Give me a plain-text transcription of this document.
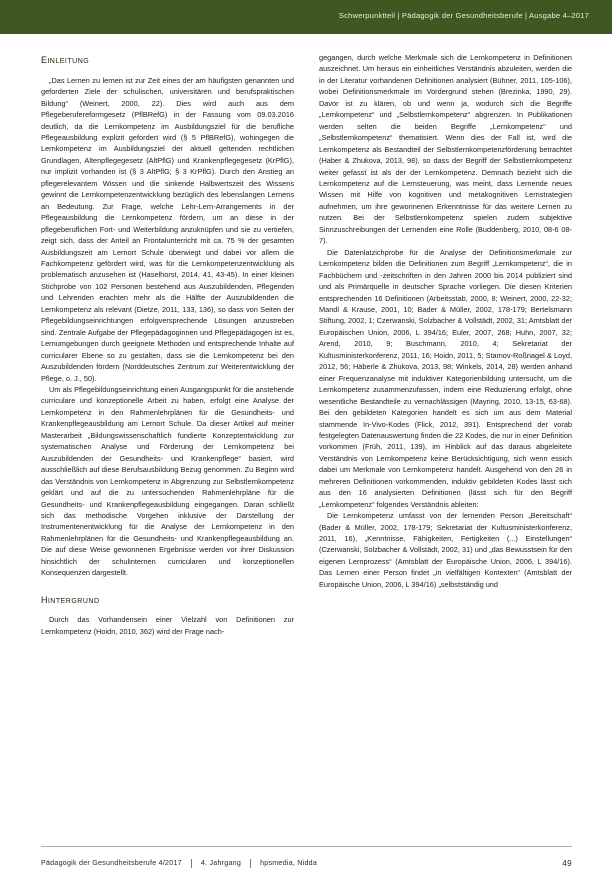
Schwerpunktteil | Pädagogik der Gesundheitsberufe | Ausgabe 4–2017
einleitung

„Das Lernen zu lernen ist zur Zeit eines der am häufigsten genannten und geforderten Ziele der schulischen, universitären und berufspraktischen Bildung“ (Weinert, 2000, 22). Dies wird auch aus dem Pflegeberufereformgesetz (PflBRefG) in der Fassung vom 09.03.2016 deutlich, da die Lernkompetenz im Ausbildungsziel für die berufliche Pflegeausbildung explizit gefordert wird (§ 5 PflBRefG), wohingegen die Lernkompetenz im Ausbildungsziel der aktuell geltenden rechtlichen Grundlagen, Altenpflegegesetz (AltPflG) und Krankenpflegegesetz (KrPflG), nur implizit vorhanden ist (§ 3 AltPflG; § 3 KrPflG). Durch den Anstieg an pflegerelevantem Wissen und die sinkende Halbwertszeit des Wissens gewinnt die Lernkompetenzentwicklung bezüglich des lebenslangen Lernens an Bedeutung. Zur Frage, welche Lehr-Lern-Arrangements in der Pflegeausbildung die Lernkompetenz fördern, um an diese in der pflegeberuflichen Fort- und Weiterbildung anzuknüpfen und sie zu vertiefen, zeigt sich, dass der Anteil an Frontalunterricht mit ca. 75 % der gesamten Ausbildungszeit am Lernort Schule überwiegt und dabei vor allem die Fachkompetenz gefördert wird, was für die Lernkompetenzentwicklung als problematisch anzusehen ist (Haselhorst, 2014, 41, 43-45). In einer kleinen Stichprobe von 102 Personen bestehend aus Auszubildenden, Pflegenden und Lehrenden erachten mehr als die Hälfte der Auszubildenden die Lernkompetenz als relevant (Dietze, 2011, 133, 136), so dass von Seiten der Pflegebildungseinrichtungen erfolgversprechende Lösungen anzustreben sind. Zentrale Aufgabe der Pflegepädagoginnen und Pflegepädagogen ist es, Lernumgebungen durch geeignete Methoden und entsprechende Inhalte auf curricularer Ebene so zu gestalten, dass sie die Lernkompetenz bei den Auszubildenden fördern (Norddeutsches Zentrum zur Weiterentwicklung der Pflege, o. J., 50).

Um als Pflegebildungseinrichtung einen Ausgangspunkt für die anstehende curriculare und konzeptionelle Arbeit zu haben, erfolgt eine Analyse der Lernkompetenz in den Rahmenlehrplänen für die Gesundheits- und Krankenpflegeausbildung am Lernort Schule. Da dieser Artikel auf meiner Masterarbeit „Bildungswissenschaftlich fundierte Konzeptentwicklung zur systematischen Analyse und Förderung der Lernkompetenz bei Auszubildenden der Gesundheits- und Krankenpflege“ basiert, wird ausschließlich auf diese Berufsausbildung Bezug genommen. Zu Beginn wird das Verständnis von Lernkompetenz in Abgrenzung zur Selbstlernkompetenz geklärt und auf die zu untersuchenden Rahmenlehrpläne für die Gesundheits- und Krankenpflegeausbildung eingegangen. Daran schließt sich das methodische Vorgehen inklusive der Darstellung der Instrumentenentwicklung für die Analyse der Lernkompetenz in den Rahmenlehrplänen für die Gesundheits- und Krankenpflegeausbildung an. Die auf diese Weise gewonnenen Ergebnisse werden vor ihrer Diskussion hinsichtlich der schulinternen curricularen und konzeptionellen Konsequenzen dargestellt.

hintergrund

Durch das Vorhandensein einer Vielzahl von Definitionen zur Lernkompetenz (Hoidn, 2010, 362) wird der Frage nach-

gegangen, durch welche Merkmale sich die Lernkompetenz in Definitionen auszeichnet. Um heraus ein einheitliches Verständnis abzuleiten, werden die in der Literatur vorhandenen Definitionen analysiert (Bühner, 2011, 105-106), wobei Definitionsmerkmale im Vordergrund stehen (Brezinka, 1990, 29). Davor ist zu klären, ob und wenn ja, wodurch sich die Begriffe „Lernkompetenz“ und „Selbstlernkompetenz“ abgrenzen. In Publikationen werden selten die beiden Begriffe „Lernkompetenz“ und „Selbstlernkompetenz“ thematisiert. Wenn dies der Fall ist, wird die Lernkompetenz als Bestandteil der Selbstlernkompetenzförderung betrachtet (Haber & Zhukova, 2013, 98), so dass der Begriff der Selbstlernkompetenz weiter gefasst ist als der der Lernkompetenz. Demnach bezieht sich die Lernkompetenz auf die Lernsteuerung, was meint, dass Lernende neues Wissen mit Hilfe von kognitiven und metakognitiven Lernstrategien aufnehmen, um ihre gewonnenen Erkenntnisse für das weitere Lernen zu nutzen. Bei der Selbstlernkompetenz spielen zudem subjektive Sinnzuschreibungen der Lernenden eine Rolle (Buddenberg, 2010, 08-6 08-7).

Die Datenlatzichprobe für die Analyse der Definitionsmerkmale zur Lernkompetenz bilden die Definitionen zum Begriff „Lernkompetenz“, die in Fachbüchern und -zeitschriften in den Jahren 2000 bis 2014 publiziert sind und als Primärquelle in deutscher Sprache vorliegen. Die diesen Kriterien entsprechenden 16 Definitionen (Arbeitsstab, 2000, 8; Weinert, 2000, 22-32; Mandl & Krause, 2001, 10; Bader & Müller, 2002, 178-179; Bertelsmann Stiftung, 2002, 1; Czerwanski, Solzbacher & Vollstädt, 2002, 31; Amtsblatt der Europäischen Union, 2006, L 394/16; Euler, 2007, 268; Huhn, 2007, 32; Arend, 2010, 9; Buschmann, 2010, 4; Sekretariat der Kultusministerkonferenz, 2011, 16; Hoidn, 2011, 5; Stamov-Roßnagel & Loyd, 2012, 56; Häberle & Zhukova, 2013, 98; Winkels, 2014, 28) werden anhand einer Frequenzanalyse mit induktiver Kategorienbildung untersucht, um die Lernkompetenz zusammenzufassen, indem eine Reduzierung erfolgt, ohne wesentliche Bestandteile zu vernachlässigen (Mayring, 2010, 13-15, 63-68). Bei den gebildeten Kategorien handelt es sich um aus dem Material stammende In-Vivo-Kodes (Flick, 2012, 391). Entsprechend der vorab festgelegten Datenauswertung finden die 22 Kodes, die nur in einer Definition vorkommen (Früh, 2011, 139), im Hinblick auf das daraus abgeleitete Verständnis von Lernkompetenz keine Berücksichtigung, sich wenn essich dabei um Merkmale von Lernkompetenz handelt. Ausgehend von den 26 in mehreren Definitionen vorkommenden, induktiv gebildeten Kodes lässt sich aus den 16 analysierten Definitionen (lässt sich für den Begriff „Lernkompetenz“ folgendes Verständnis ableiten:

Die Lernkompetenz umfasst von der lernenden Person „Bereitschaft“ (Bader & Müller, 2002, 178-179; Sekretariat der Kultusministerkonferenz, 2011, 16), „Kenntnisse, Fähigkeiten, Fertigkeiten (...) Einstellungen“ (Czerwanski, Solzbacher & Vollstädt, 2002, 31) und „das Bewusstsein für den eigenen Lernprozess“ (Amtsblatt der Europäische Union, 2006, L 394/16). Das Lernen einer Person findet „in vielfältigen Kontexten“ (Amtsblatt der Europäische Union, 2006, L 394/16) „selbstständig und

Pädagogik der Gesundheitsberufe 4/2017	4. Jahrgang	hpsmedia, Nidda	49
